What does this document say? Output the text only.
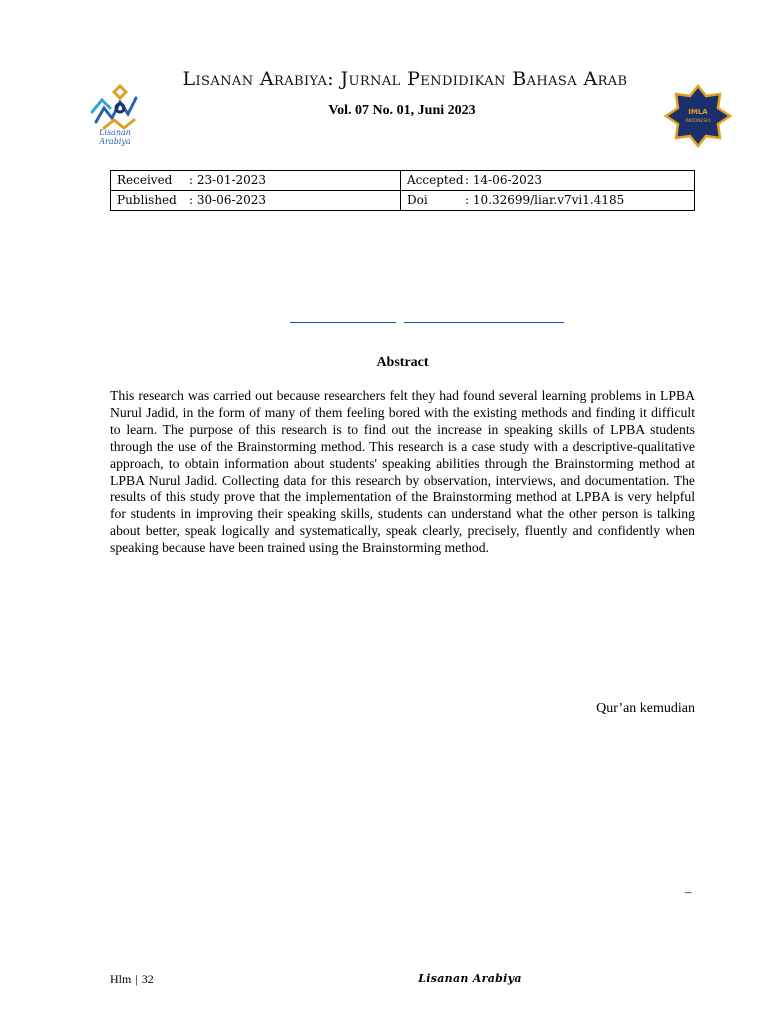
Lisanan Arabiya
Lisanan Arabiya: Jurnal Pendidikan Bahasa Arab
Vol. 07 No. 01, Juni 2023	IMLA
INDONESIA
Received : 23-01-2023	Accepted : 14-06-2023
Published : 30-06-2023	Doi : 10.32699/liar.v7vi1.4185
Abstract
This research was carried out because researchers felt they had found several learning problems in LPBA Nurul Jadid, in the form of many of them feeling bored with the existing methods and finding it difficult to learn. The purpose of this research is to find out the increase in speaking skills of LPBA students through the use of the Brainstorming method. This research is a case study with a descriptive-qualitative approach, to obtain information about students' speaking abilities through the Brainstorming method at LPBA Nurul Jadid. Collecting data for this research by observation, interviews, and documentation. The results of this study prove that the implementation of the Brainstorming method at LPBA is very helpful for students in improving their speaking skills, students can understand what the other person is talking about better, speak logically and systematically, speak clearly, precisely, fluently and confidently when speaking because have been trained using the Brainstorming method.
Qur’an kemudian
–
Hlm | 32	Lisanan Arabiya
